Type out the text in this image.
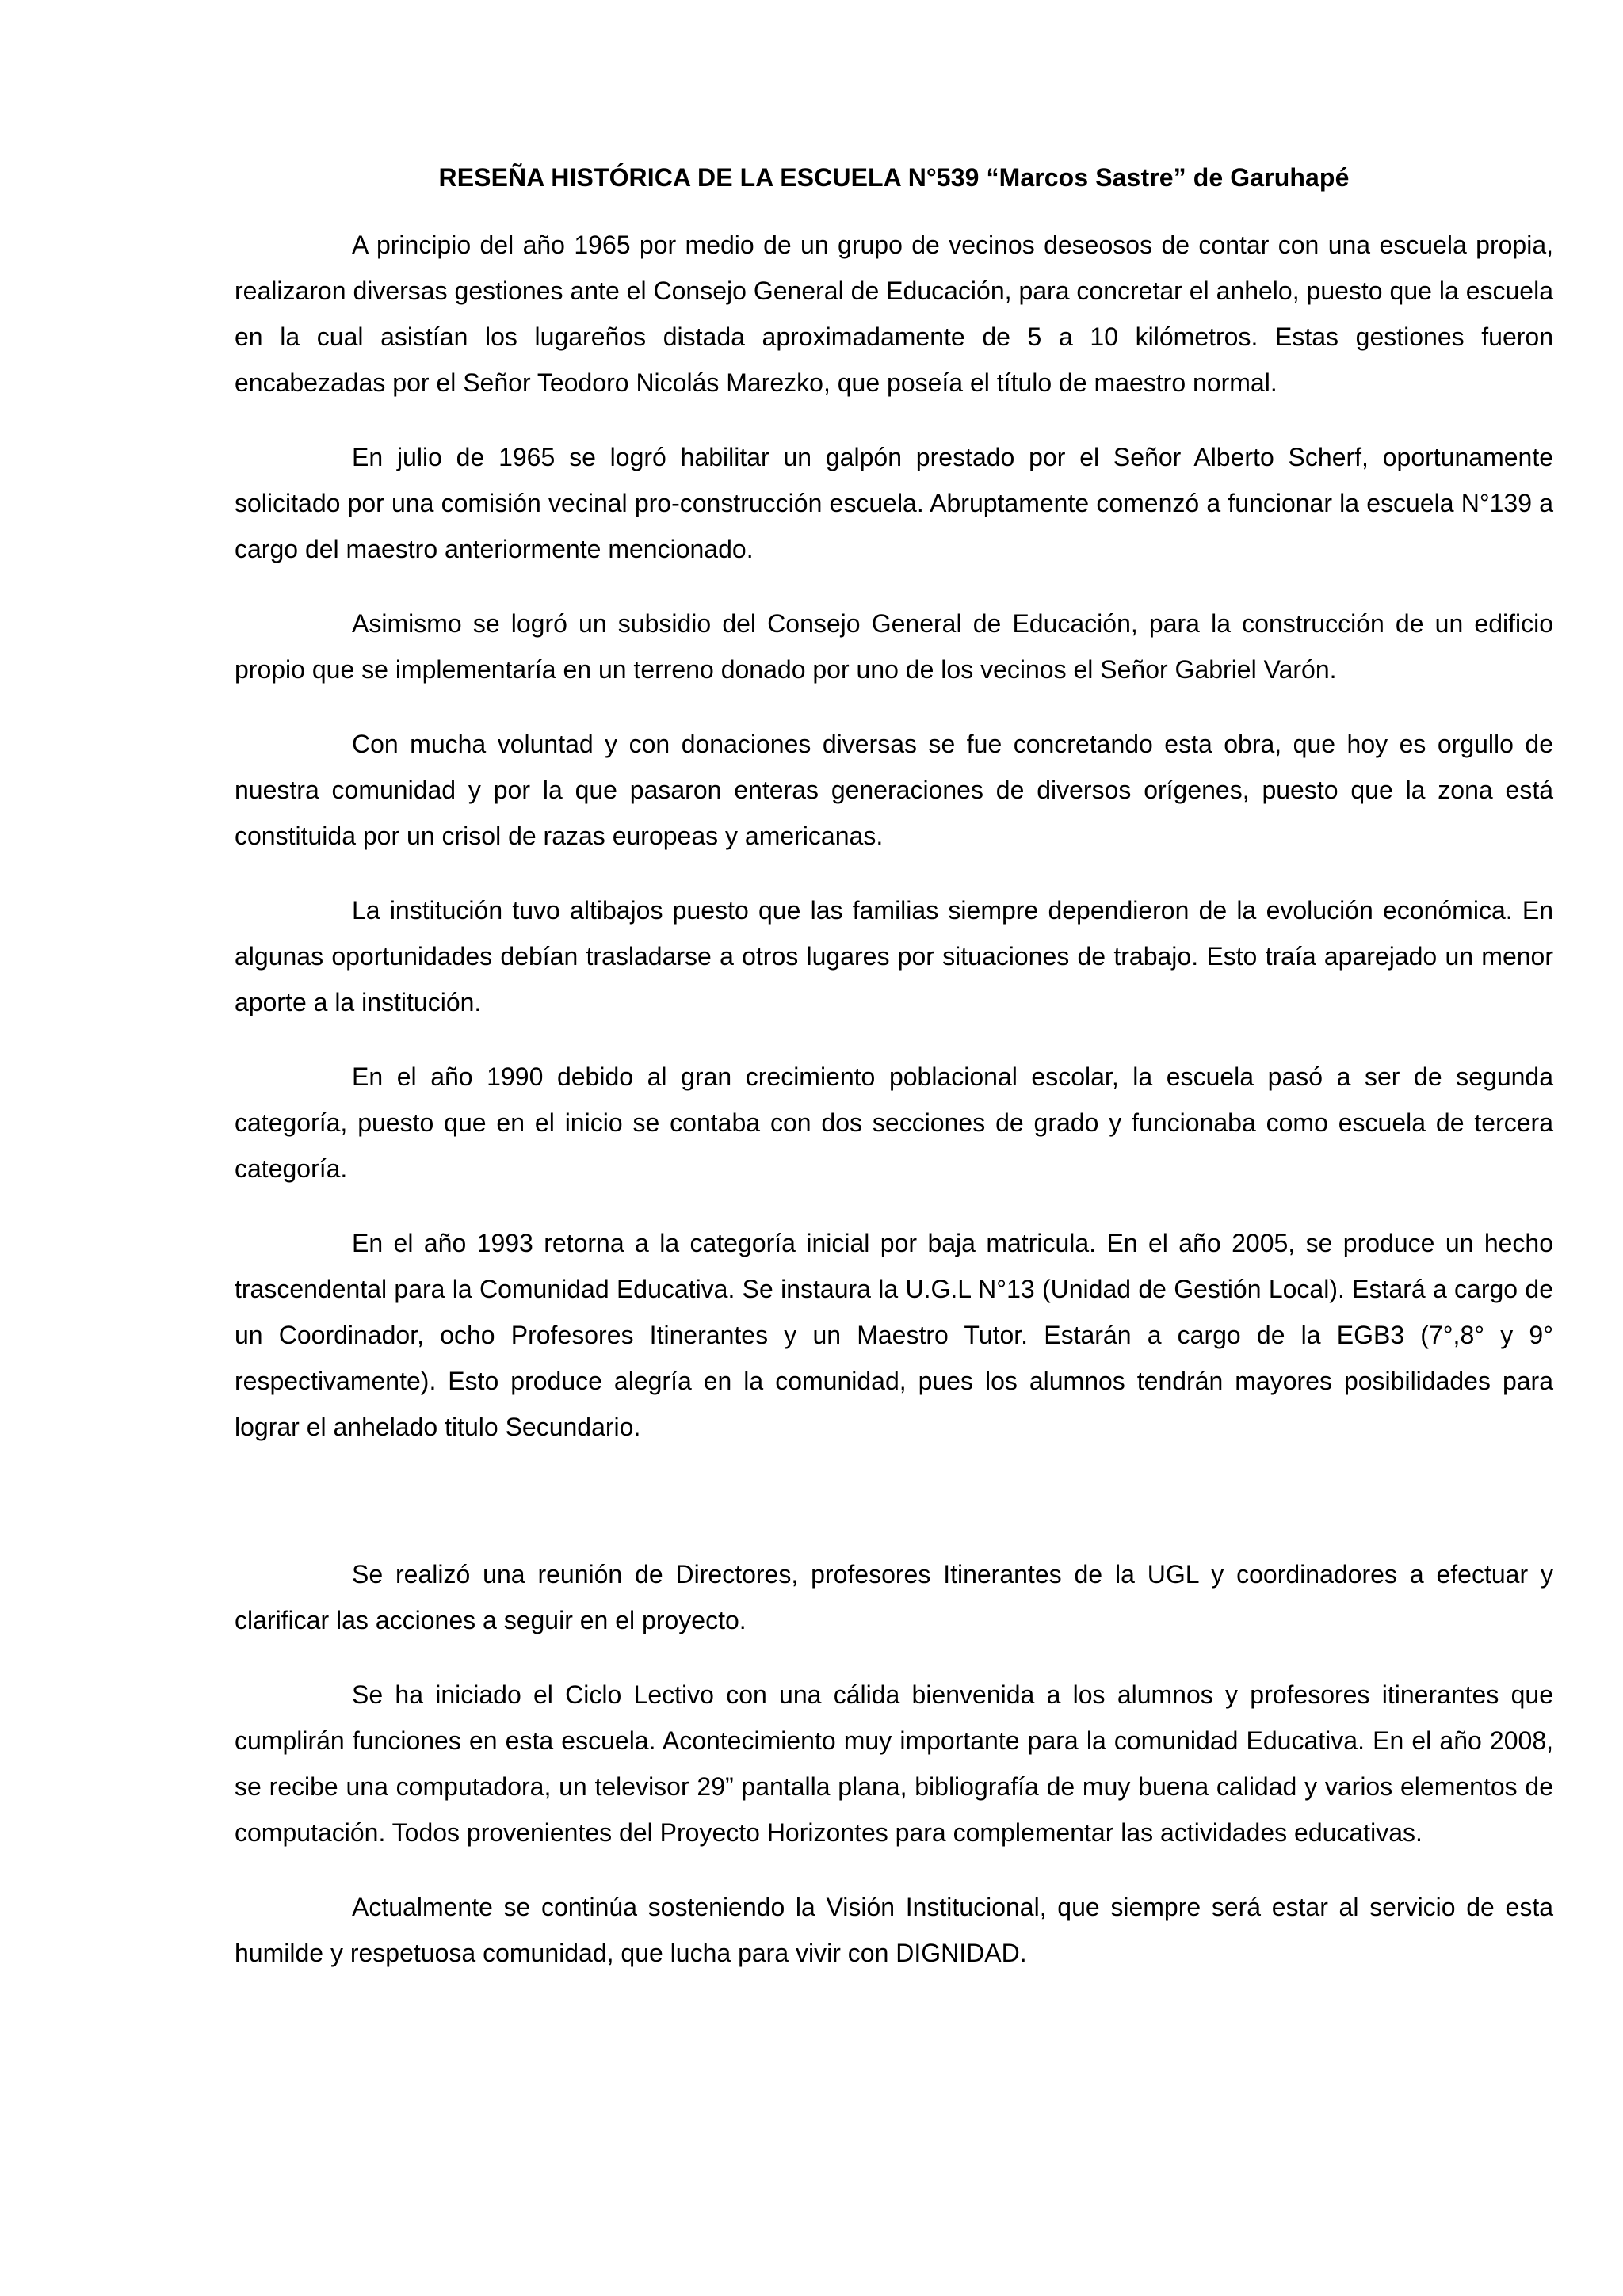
RESEÑA HISTÓRICA DE LA ESCUELA N°539 “Marcos Sastre” de Garuhapé

A principio del año 1965 por medio de un grupo de vecinos deseosos de contar con una escuela propia, realizaron diversas gestiones ante el Consejo General de Educación, para concretar el anhelo, puesto que la escuela en la cual asistían los lugareños distada aproximadamente de 5 a 10 kilómetros. Estas gestiones fueron encabezadas por el Señor Teodoro Nicolás Marezko, que poseía el título de maestro normal.

En julio de 1965 se logró habilitar un galpón prestado por el Señor Alberto Scherf, oportunamente solicitado por una comisión vecinal pro-construcción escuela. Abruptamente comenzó a funcionar la escuela N°139 a cargo del maestro anteriormente mencionado.

Asimismo se logró un subsidio del Consejo General de Educación, para la construcción de un edificio propio que se implementaría en un terreno donado por uno de los vecinos el Señor Gabriel Varón.

Con mucha voluntad y con donaciones diversas se fue concretando esta obra, que hoy es orgullo de nuestra comunidad y por la que pasaron enteras generaciones de diversos orígenes, puesto que la zona está constituida por un crisol de razas europeas y americanas.

La institución tuvo altibajos puesto que las familias siempre dependieron de la evolución económica. En algunas oportunidades debían trasladarse a otros lugares por situaciones de trabajo. Esto traía aparejado un menor aporte a la institución.

En el año 1990 debido al gran crecimiento poblacional escolar, la escuela pasó a ser de segunda categoría, puesto que en el inicio se contaba con dos secciones de grado y funcionaba como escuela de tercera categoría.

En el año 1993 retorna a la categoría inicial por baja matricula. En el año 2005, se produce un hecho trascendental para la Comunidad Educativa. Se instaura la U.G.L N°13 (Unidad de Gestión Local). Estará a cargo de un Coordinador, ocho Profesores Itinerantes y un Maestro Tutor. Estarán a cargo de la EGB3 (7°,8° y 9° respectivamente). Esto produce alegría en la comunidad, pues los alumnos tendrán mayores posibilidades para lograr el anhelado titulo Secundario.

Se realizó una reunión de Directores, profesores Itinerantes de la UGL y coordinadores a efectuar y clarificar las acciones a seguir en el proyecto.

Se ha iniciado el Ciclo Lectivo con una cálida bienvenida a los alumnos y profesores itinerantes que cumplirán funciones en esta escuela. Acontecimiento muy importante para la comunidad Educativa. En el año 2008, se recibe una computadora, un televisor 29” pantalla plana, bibliografía de muy buena calidad y varios elementos de computación. Todos provenientes del Proyecto Horizontes para complementar las actividades educativas.

Actualmente se continúa sosteniendo la Visión Institucional, que siempre será estar al servicio de esta humilde y respetuosa comunidad, que lucha para vivir con DIGNIDAD.
